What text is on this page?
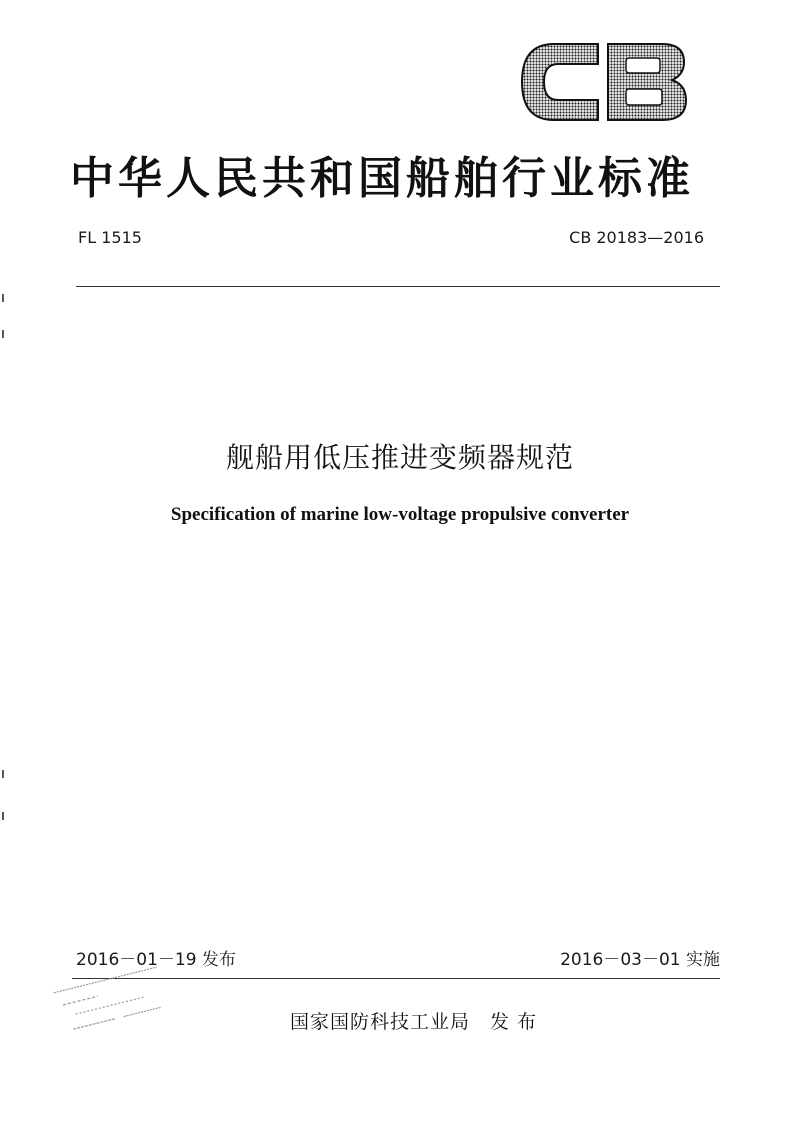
中华人民共和国船舶行业标准
FL 1515	CB 20183—2016
舰船用低压推进变频器规范
Specification of marine low-voltage propulsive converter
2016－01－19 发布	2016－03－01 实施
国家国防科技工业局　发 布
